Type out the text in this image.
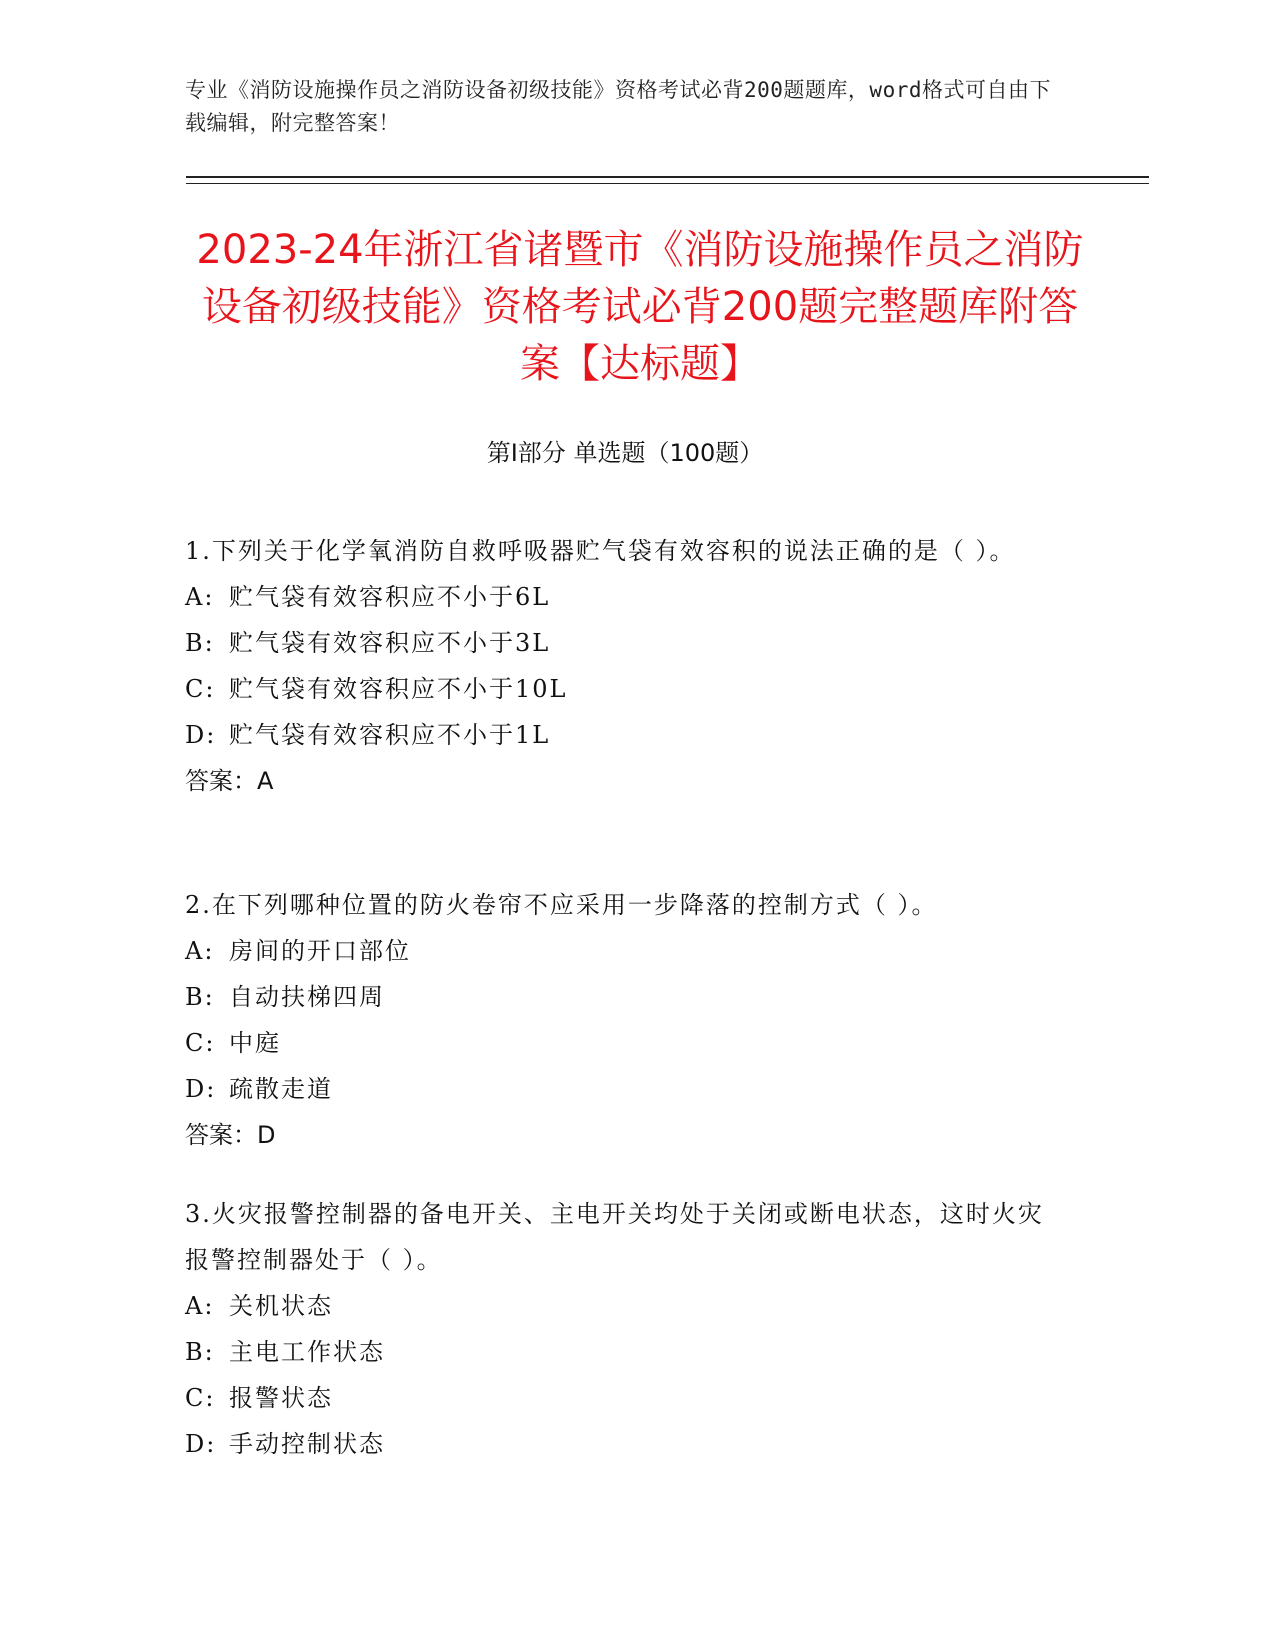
专业《消防设施操作员之消防设备初级技能》资格考试必背200题题库，word格式可自由下载编辑，附完整答案！
2023-24年浙江省诸暨市《消防设施操作员之消防设备初级技能》资格考试必背200题完整题库附答案【达标题】
第Ⅰ部分 单选题（100题）

1.下列关于化学氧消防自救呼吸器贮气袋有效容积的说法正确的是（ ）。

A: 贮气袋有效容积应不小于6L

B: 贮气袋有效容积应不小于3L

C: 贮气袋有效容积应不小于10L

D: 贮气袋有效容积应不小于1L

答案：A

2.在下列哪种位置的防火卷帘不应采用一步降落的控制方式（ ）。

A: 房间的开口部位

B: 自动扶梯四周

C: 中庭

D: 疏散走道

答案：D

3.火灾报警控制器的备电开关、主电开关均处于关闭或断电状态，这时火灾报警控制器处于（ ）。

A: 关机状态

B: 主电工作状态

C: 报警状态

D: 手动控制状态
